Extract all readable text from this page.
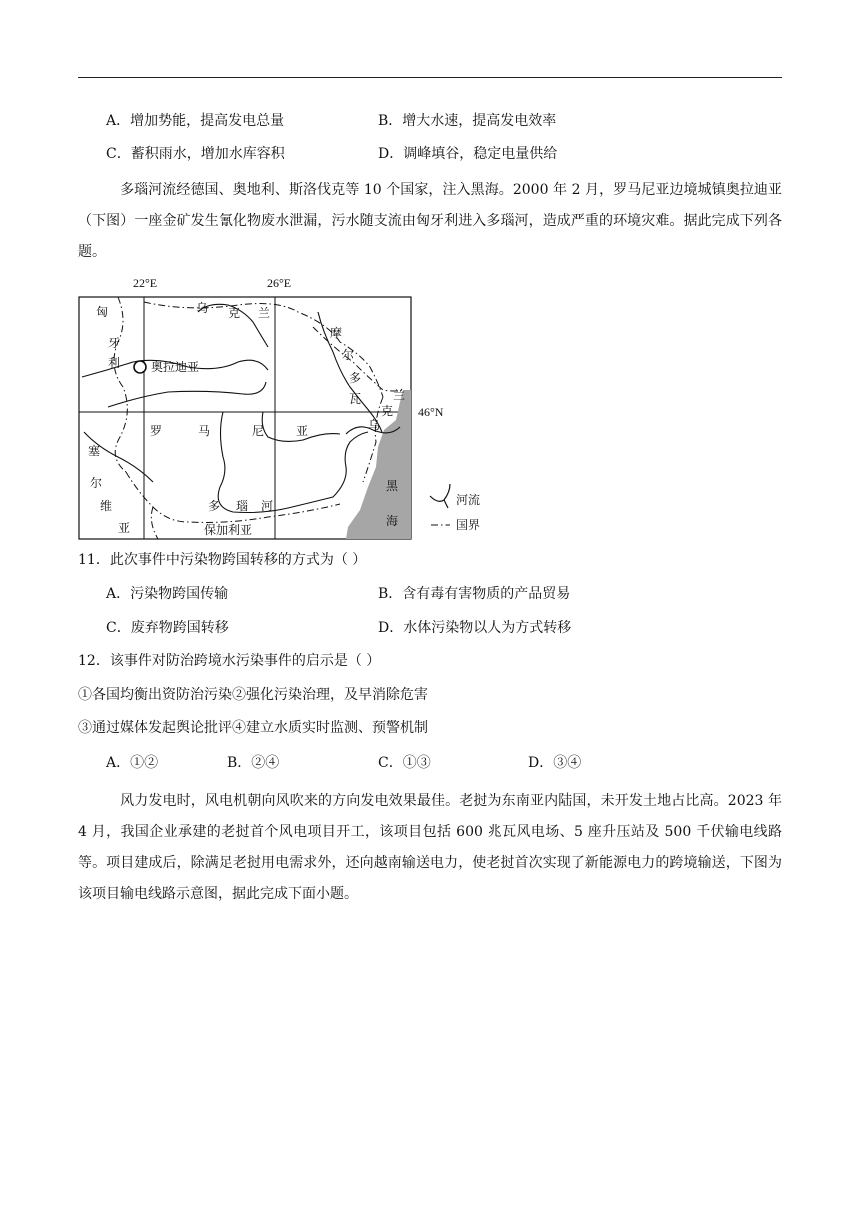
A．增加势能，提高发电总量	B．增大水速，提高发电效率
C．蓄积雨水，增加水库容积	D．调峰填谷，稳定电量供给
多瑙河流经德国、奥地利、斯洛伐克等 10 个国家，注入黑海。2000 年 2 月，罗马尼亚边境城镇奥拉迪亚（下图）一座金矿发生氰化物废水泄漏，污水随支流由匈牙利进入多瑙河，造成严重的环境灾难。据此完成下列各题。
奥拉迪亚
22°E	26°E
46°N
匈
牙
利
乌 克 兰
摩
尔
多
瓦	兰
克
乌
罗	马	尼	亚
塞
尔
维
亚
多 瑙 河
保加利亚
黑
海
河流
国界
11．此次事件中污染物跨国转移的方式为（ ）
A．污染物跨国传输	B．含有毒有害物质的产品贸易
C．废弃物跨国转移	D．水体污染物以人为方式转移
12．该事件对防治跨境水污染事件的启示是（ ）
①各国均衡出资防治污染②强化污染治理，及早消除危害
③通过媒体发起舆论批评④建立水质实时监测、预警机制
A．①②	B．②④	C．①③	D．③④
风力发电时，风电机朝向风吹来的方向发电效果最佳。老挝为东南亚内陆国，未开发土地占比高。2023 年 4 月，我国企业承建的老挝首个风电项目开工，该项目包括 600 兆瓦风电场、5 座升压站及 500 千伏输电线路等。项目建成后，除满足老挝用电需求外，还向越南输送电力，使老挝首次实现了新能源电力的跨境输送，下图为该项目输电线路示意图，据此完成下面小题。
